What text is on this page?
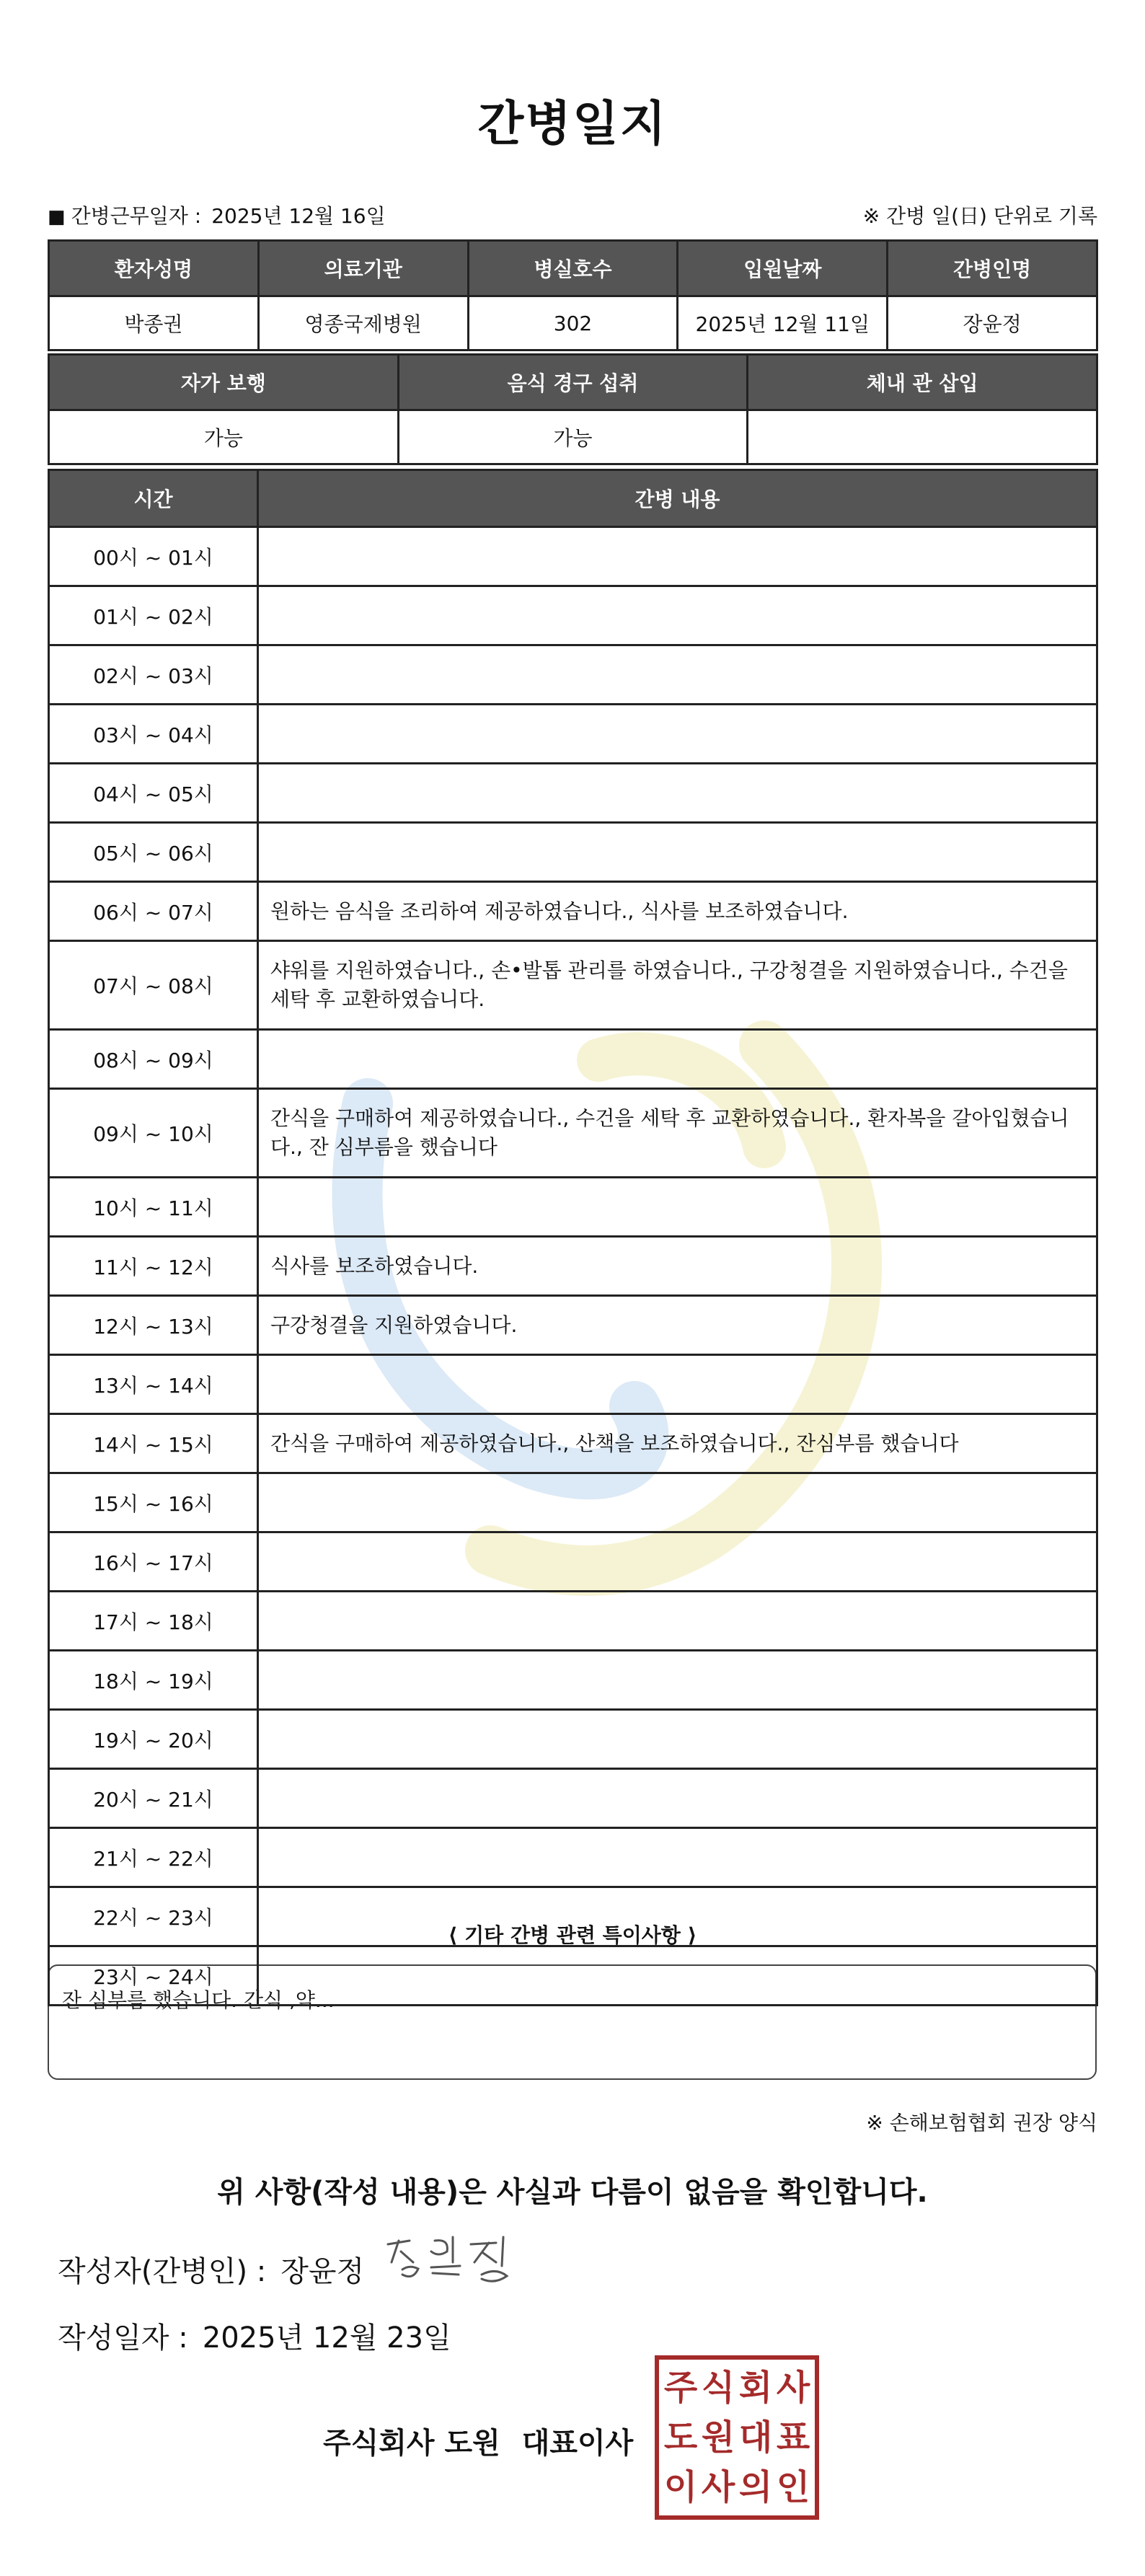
간병일지
■ 간병근무일자 : 2025년 12월 16일	※ 간병 일(日) 단위로 기록
환자성명	의료기관	병실호수	입원날짜	간병인명
박종권	영종국제병원	302	2025년 12월 11일	장윤정
자가 보행	음식 경구 섭취	체내 관 삽입
가능	가능	
시간	간병 내용
00시 ~ 01시	
01시 ~ 02시	
02시 ~ 03시	
03시 ~ 04시	
04시 ~ 05시	
05시 ~ 06시	
06시 ~ 07시	원하는 음식을 조리하여 제공하였습니다., 식사를 보조하였습니다.
07시 ~ 08시	샤워를 지원하였습니다., 손•발톱 관리를 하였습니다., 구강청결을 지원하였습니다., 수건을 세탁 후 교환하였습니다.
08시 ~ 09시	
09시 ~ 10시	간식을 구매하여 제공하였습니다., 수건을 세탁 후 교환하였습니다., 환자복을 갈아입혔습니다., 잔 심부름을 했습니다
10시 ~ 11시	
11시 ~ 12시	식사를 보조하였습니다.
12시 ~ 13시	구강청결을 지원하였습니다.
13시 ~ 14시	
14시 ~ 15시	간식을 구매하여 제공하였습니다., 산책을 보조하였습니다., 잔심부름 했습니다
15시 ~ 16시	
16시 ~ 17시	
17시 ~ 18시	
18시 ~ 19시	
19시 ~ 20시	
20시 ~ 21시	
21시 ~ 22시	
22시 ~ 23시	
23시 ~ 24시	
⟨ 기타 간병 관련 특이사항 ⟩
잔 심부름 했습니다. 간식 ,약...
※ 손해보험협회 권장 양식
위 사항(작성 내용)은 사실과 다름이 없음을 확인합니다.
작성자(간병인) : 장윤정
작성일자 : 2025년 12월 23일
주식회사 도원 대표이사
주 식 회 사
도 원 대 표
이 사 의 인
